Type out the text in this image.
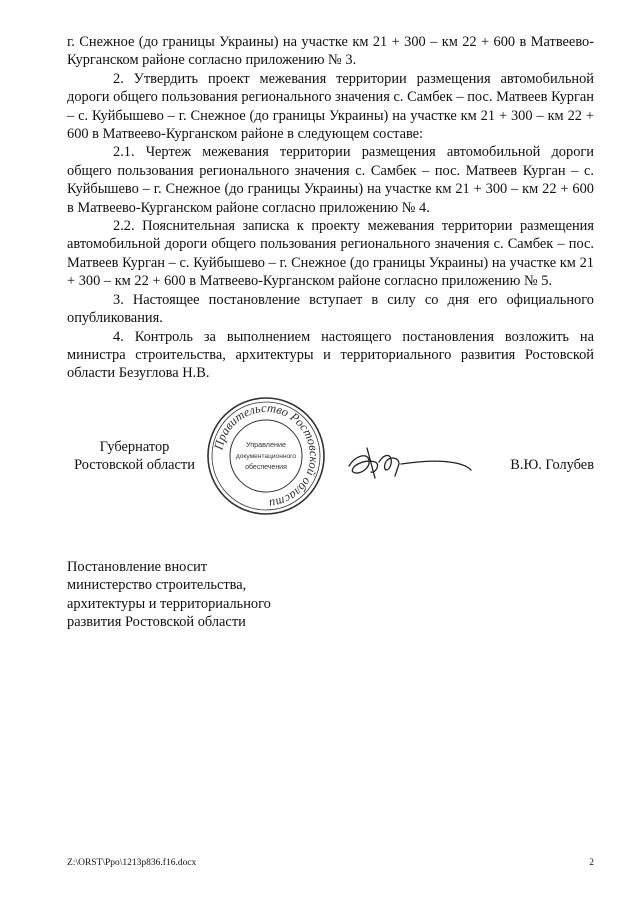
г. Снежное (до границы Украины) на участке км 21 + 300 – км 22 + 600 в Матвеево-Курганском районе согласно приложению № 3.

2. Утвердить проект межевания территории размещения автомобильной дороги общего пользования регионального значения с. Самбек – пос. Матвеев Курган – с. Куйбышево – г. Снежное (до границы Украины) на участке км 21 + 300 – км 22 + 600 в Матвеево-Курганском районе в следующем составе:

2.1. Чертеж межевания территории размещения автомобильной дороги общего пользования регионального значения с. Самбек – пос. Матвеев Курган – с. Куйбышево – г. Снежное (до границы Украины) на участке км 21 + 300 – км 22 + 600 в Матвеево-Курганском районе согласно приложению № 4.

2.2. Пояснительная записка к проекту межевания территории размещения автомобильной дороги общего пользования регионального значения с. Самбек – пос. Матвеев Курган – с. Куйбышево – г. Снежное (до границы Украины) на участке км 21 + 300 – км 22 + 600 в Матвеево-Курганском районе согласно приложению № 5.

3. Настоящее постановление вступает в силу со дня его официального опубликования.

4. Контроль за выполнением настоящего постановления возложить на министра строительства, архитектуры и территориального развития Ростовской области Безуглова Н.В.

Губернатор
Ростовской области
Правительство Ростовской области
Управление
документационного
обеспечения	В.Ю. Голубев
Постановление вносит
министерство строительства,
архитектуры и территориального
развития Ростовской области
Z:\ORST\Ppo\1213p836.f16.docx	2
